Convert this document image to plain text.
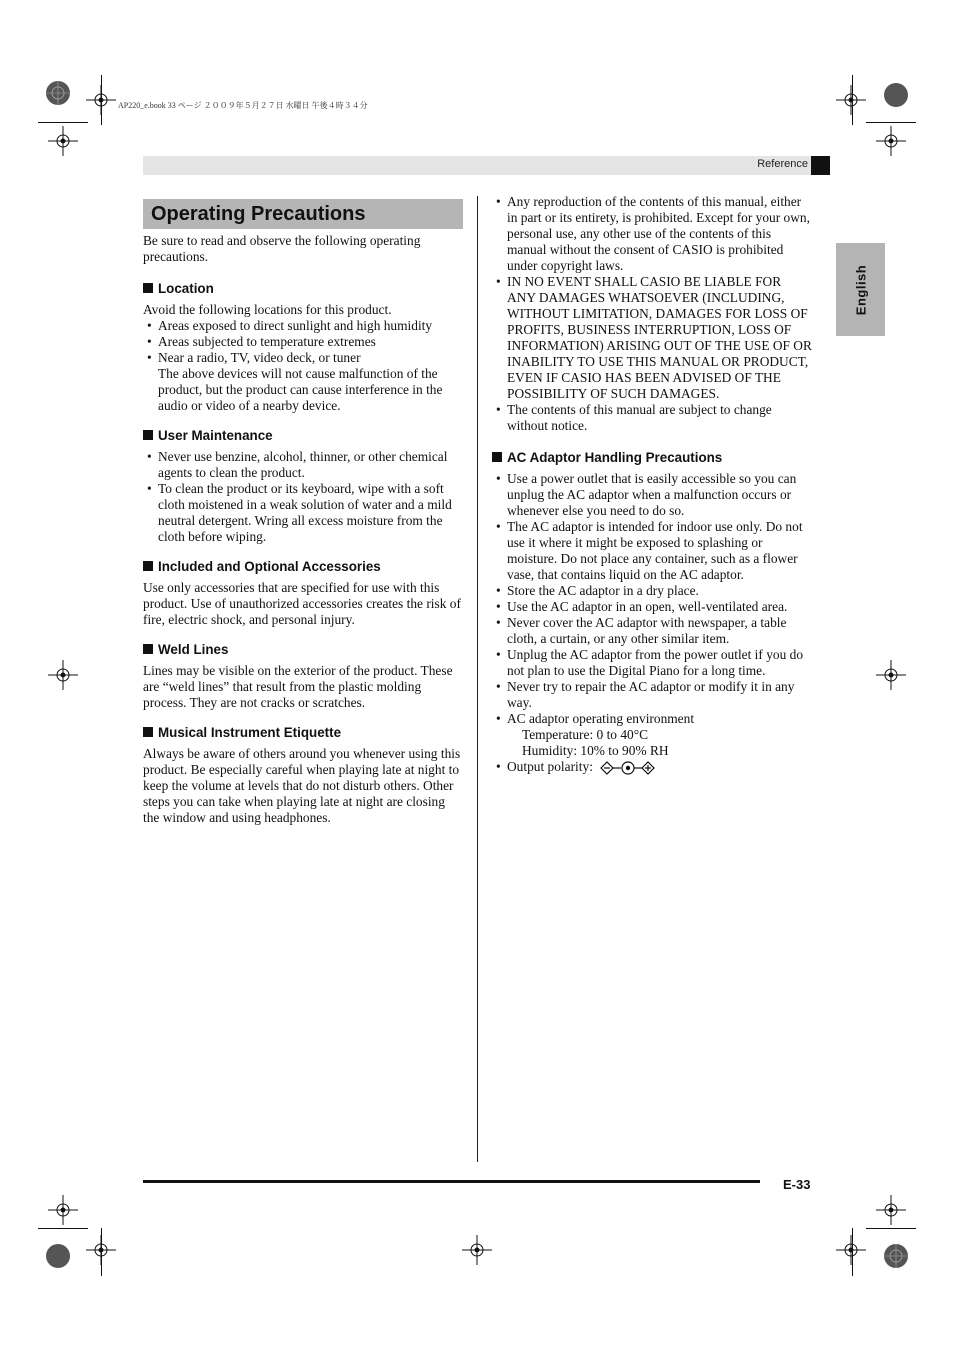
AP220_e.book 33 ページ ２００９年５月２７日 水曜日 午後４時３４分
Reference
English
Operating Precautions

Be sure to read and observe the following operating precautions.

Location

Avoid the following locations for this product.

• Areas exposed to direct sunlight and high humidity
• Areas subjected to temperature extremes
• Near a radio, TV, video deck, or tuner
The above devices will not cause malfunction of the product, but the product can cause interference in the audio or video of a nearby device.
User Maintenance
• Never use benzine, alcohol, thinner, or other chemical agents to clean the product.
• To clean the product or its keyboard, wipe with a soft cloth moistened in a weak solution of water and a mild neutral detergent. Wring all excess moisture from the cloth before wiping.
Included and Optional Accessories

Use only accessories that are specified for use with this product. Use of unauthorized accessories creates the risk of fire, electric shock, and personal injury.

Weld Lines

Lines may be visible on the exterior of the product. These are “weld lines” that result from the plastic molding process. They are not cracks or scratches.

Musical Instrument Etiquette

Always be aware of others around you whenever using this product. Be especially careful when playing late at night to keep the volume at levels that do not disturb others. Other steps you can take when playing late at night are closing the window and using headphones.

• Any reproduction of the contents of this manual, either in part or its entirety, is prohibited. Except for your own, personal use, any other use of the contents of this manual without the consent of CASIO is prohibited under copyright laws.
• IN NO EVENT SHALL CASIO BE LIABLE FOR ANY DAMAGES WHATSOEVER (INCLUDING, WITHOUT LIMITATION, DAMAGES FOR LOSS OF PROFITS, BUSINESS INTERRUPTION, LOSS OF INFORMATION) ARISING OUT OF THE USE OF OR INABILITY TO USE THIS MANUAL OR PRODUCT, EVEN IF CASIO HAS BEEN ADVISED OF THE POSSIBILITY OF SUCH DAMAGES.
• The contents of this manual are subject to change without notice.
AC Adaptor Handling Precautions
• Use a power outlet that is easily accessible so you can unplug the AC adaptor when a malfunction occurs or whenever else you need to do so.
• The AC adaptor is intended for indoor use only. Do not use it where it might be exposed to splashing or moisture. Do not place any container, such as a flower vase, that contains liquid on the AC adaptor.
• Store the AC adaptor in a dry place.
• Use the AC adaptor in an open, well-ventilated area.
• Never cover the AC adaptor with newspaper, a table cloth, a curtain, or any other similar item.
• Unplug the AC adaptor from the power outlet if you do not plan to use the Digital Piano for a long time.
• Never try to repair the AC adaptor or modify it in any way.
• AC adaptor operating environment
Temperature: 0 to 40°C
Humidity: 10% to 90% RH
• Output polarity:
E-33
